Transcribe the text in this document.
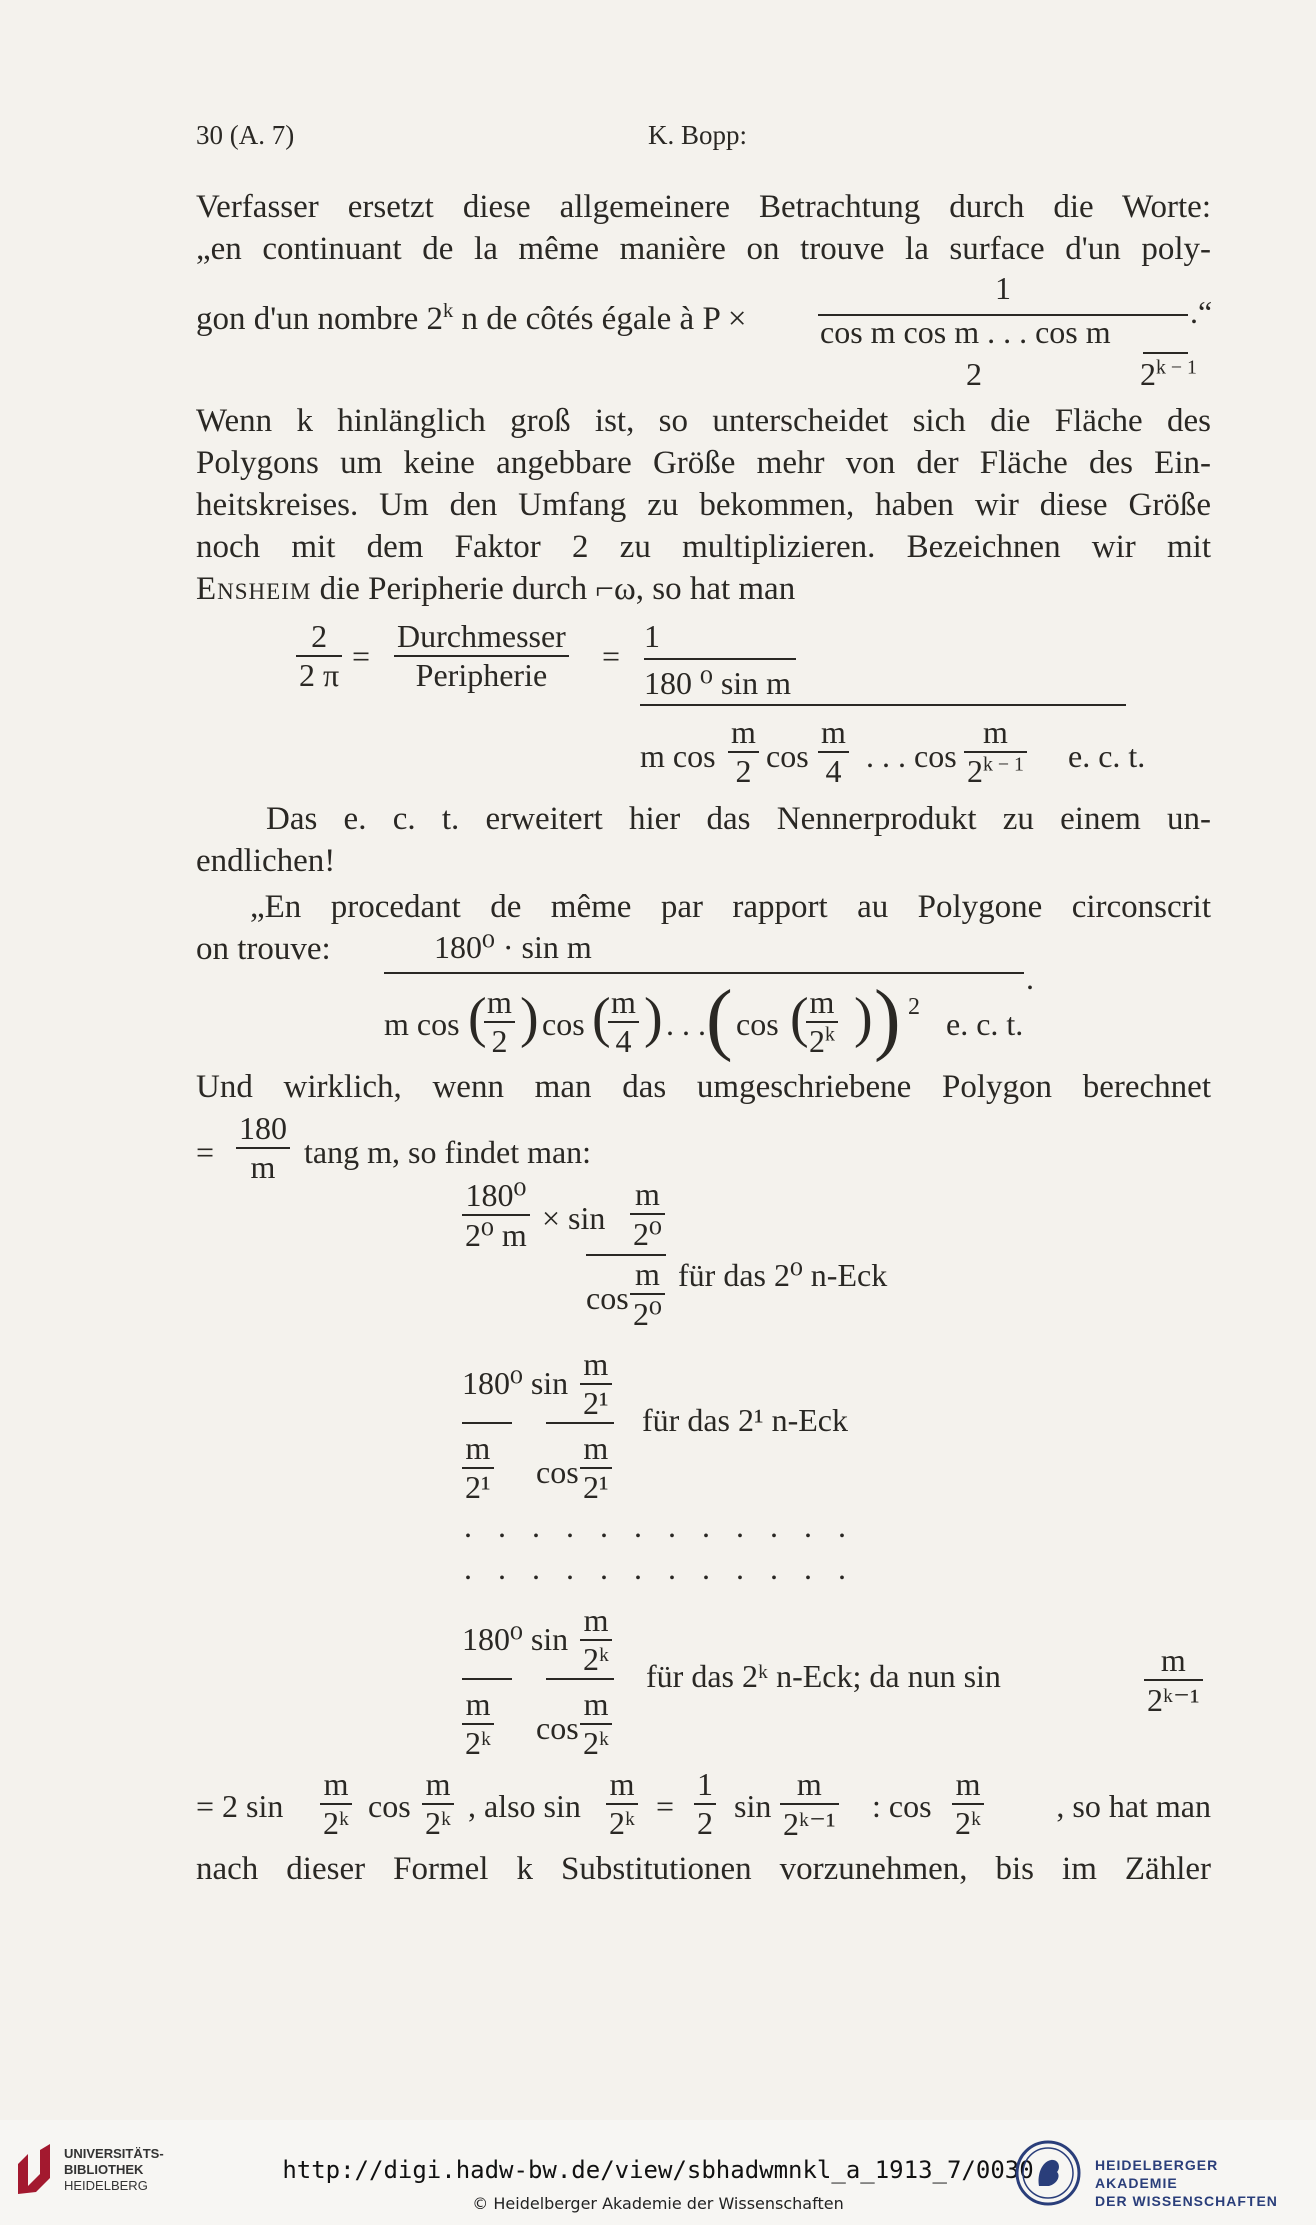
30 (A. 7)	K. Bopp:
Verfasser ersetzt diese allgemeinere Betrachtung durch die Worte:
„en continuant de la même manière on trouve la surface d'un poly-
gon d'un nombre 2$^k$ n de côtés égale à P ×
1
cos m cos m . . . cos m
2	$2^{k - 1}$
.“
Wenn k hinlänglich groß ist, so unterscheidet sich die Fläche des
Polygons um keine angebbare Größe mehr von der Fläche des Ein-
heitskreises. Um den Umfang zu bekommen, haben wir diese Größe
noch mit dem Faktor 2 zu multiplizieren. Bezeichnen wir mit
Ensheim die Peripherie durch ⌐ω, so hat man
$\frac{2}{2 \pi}$ =
Durchmesser
Peripherie
=
1
180 ⁰ sin m
m $\cos \frac{m}{2}$ $\cos \frac{m}{4}$ . . . $\cos \frac{m}{2^{k - 1}} e$. c. t.
Das e. c. t. erweitert hier das Nennerprodukt zu einem un-
endlichen!
„En procedant de même par rapport au Polygone circonscrit
on trouve:	180⁰ · sin m
.
m cos (
$\frac{m}{2}$ ) cos (
$\frac{m}{4}$ ) . . . ( cos (
$\frac{m}{2^k}$ ) ) 2 e. c. t.
Und wirklich, wenn man das umgeschriebene Polygon berechnet
= $\frac{180}{m}$ tang m, so findet man:
$\frac{\text{180⁰}}{\text{2⁰ m}} \times \sin \frac{m}{\text{2⁰}}$
$\cos \frac{m}{\text{2⁰}}$ für das 2⁰ n-Eck
180⁰ $\sin \frac{m}{\text{2¹}}$ für das 2¹ n-Eck
$\frac{m}{\text{2¹}}$ $\cos \frac{m}{\text{2¹}}$
............
............
180⁰ $\sin \frac{m}{\text{2ᵏ}}$ für das 2ᵏ n-Eck; da nun sin	$\frac{m}{\text{2ᵏ⁻¹}}$
$\frac{m}{\text{2ᵏ}}$ $\cos \frac{m}{\text{2ᵏ}}$
= 2 $\sin \frac{m}{\text{2ᵏ}}$ $\cos \frac{m}{\text{2ᵏ}}$ , also $\sin \frac{m}{\text{2ᵏ}} = \frac{1}{2}$ $\sin \frac{m}{\text{2ᵏ⁻¹}}$ : $\cos \frac{m}{\text{2ᵏ}}$	, so hat man
nach dieser Formel k Substitutionen vorzunehmen, bis im Zähler
UNIVERSITÄTS-
BIBLIOTHEK
HEIDELBERG
http://digi.hadw-bw.de/view/sbhadwmnkl_a_1913_7/0030
© Heidelberger Akademie der Wissenschaften
HEIDELBERGER AKADEMIE
DER WISSENSCHAFTEN
